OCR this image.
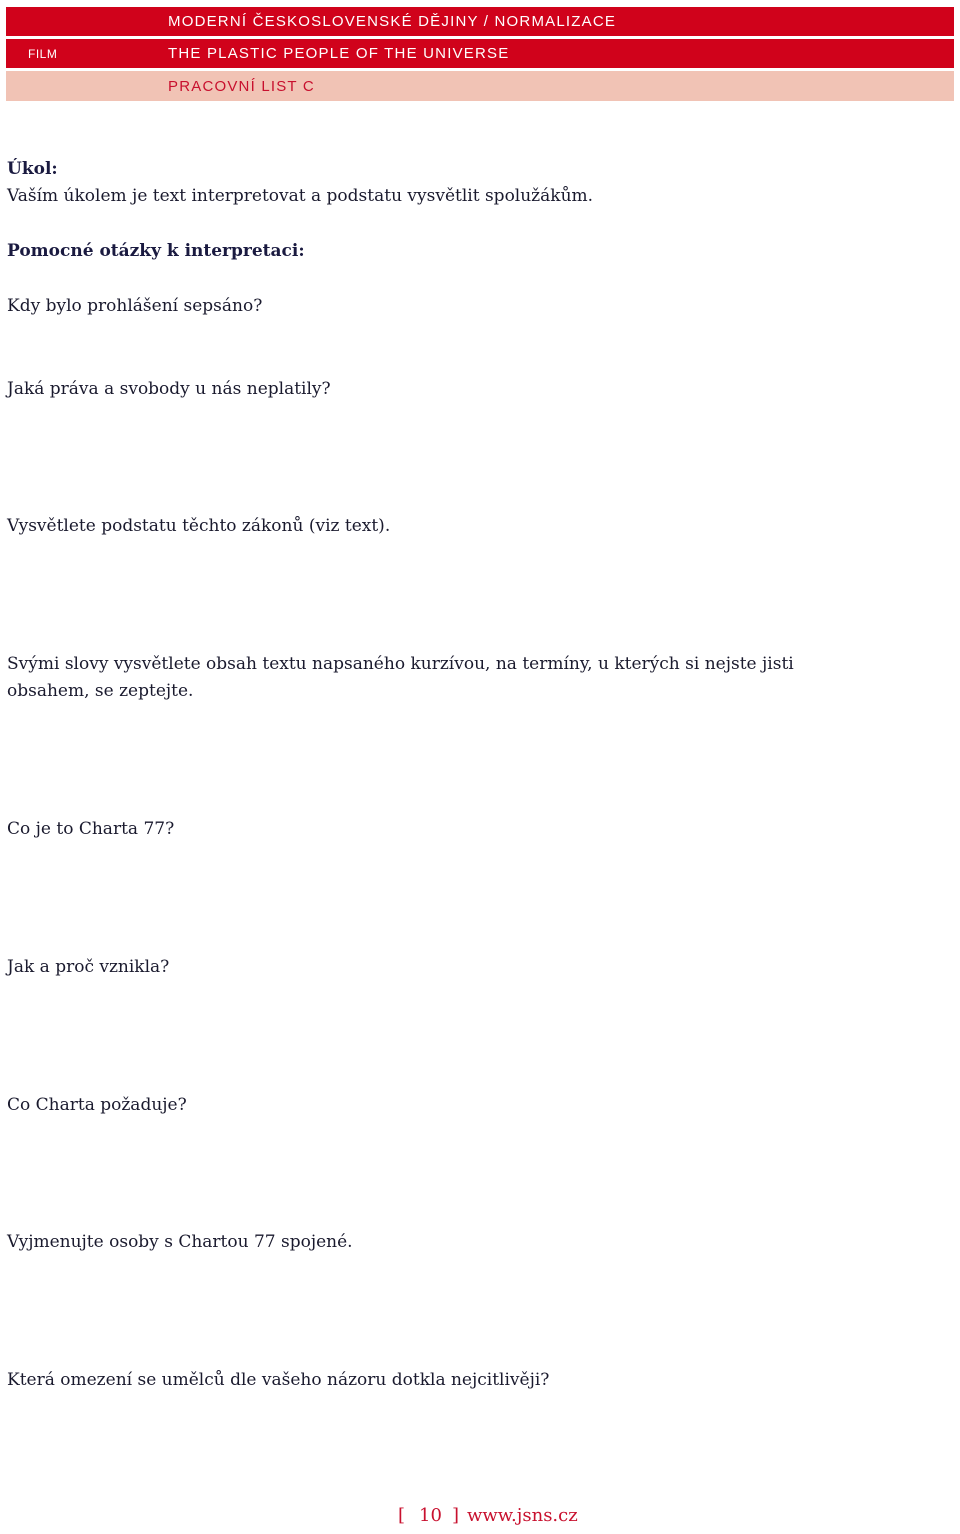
MODERNÍ ČESKOSLOVENSKÉ DĚJINY / NORMALIZACE
FILM	THE PLASTIC PEOPLE OF THE UNIVERSE
PRACOVNÍ LIST C

Úkol:

Vaším úkolem je text interpretovat a podstatu vysvětlit spolužákům.

Pomocné otázky k interpretaci:

Kdy bylo prohlášení sepsáno?

Jaká práva a svobody u nás neplatily?

Vysvětlete podstatu těchto zákonů (viz text).

Svými slovy vysvětlete obsah textu napsaného kurzívou, na termíny, u kterých si nejste jisti obsahem, se zeptejte.

Co je to Charta 77?

Jak a proč vznikla?

Co Charta požaduje?

Vyjmenujte osoby s Chartou 77 spojené.

Která omezení se umělců dle vašeho názoru dotkla nejcitlivěji?

[ 10 ] www.jsns.cz
